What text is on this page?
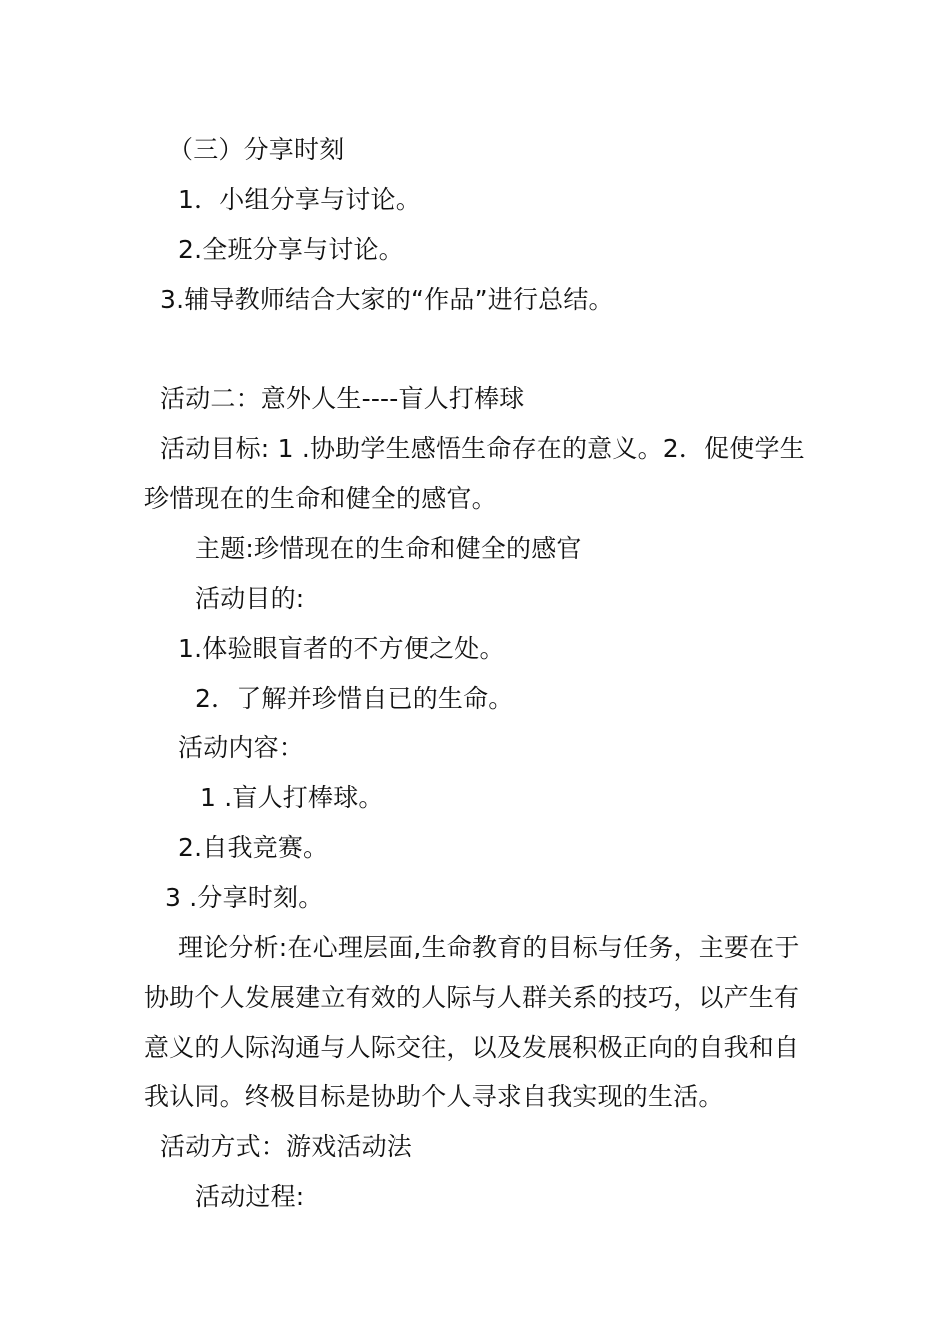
（三）分享时刻
1．小组分享与讨论。
2.全班分享与讨论。
3.辅导教师结合大家的“作品”进行总结。
活动二：意外人生----盲人打棒球
活动目标: 1 .协助学生感悟生命存在的意义。2．促使学生
珍惜现在的生命和健全的感官。
主题:珍惜现在的生命和健全的感官
活动目的:
1.体验眼盲者的不方便之处。
2．了解并珍惜自已的生命。
活动内容：
1 .盲人打棒球。
2.自我竞赛。
3 .分享时刻。
理论分析:在心理层面,生命教育的目标与任务，主要在于
协助个人发展建立有效的人际与人群关系的技巧，以产生有
意义的人际沟通与人际交往，以及发展积极正向的自我和自
我认同。终极目标是协助个人寻求自我实现的生活。
活动方式：游戏活动法
活动过程:
